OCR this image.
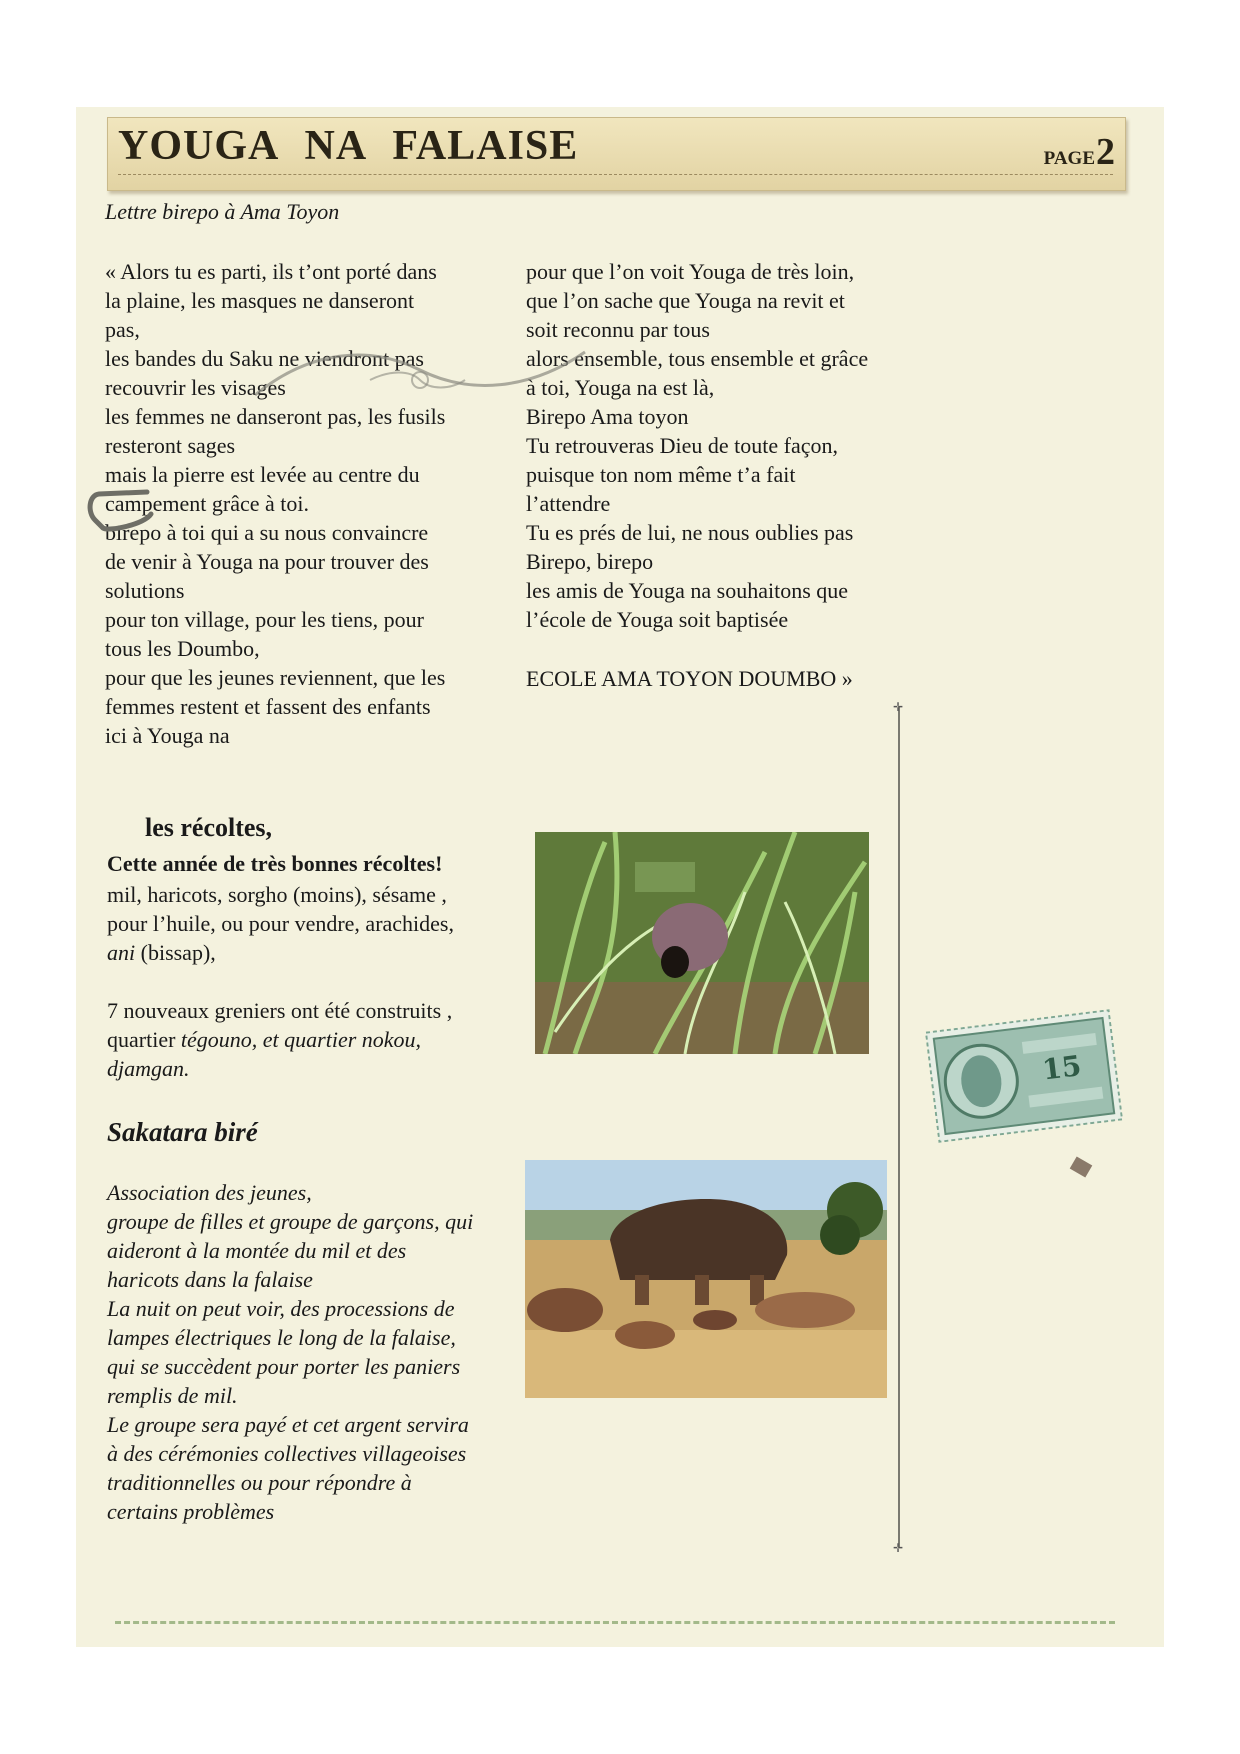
YOUGA NA FALAISE	PAGE2

Lettre birepo à Ama Toyon

« Alors tu es parti, ils t’ont porté dans
la plaine, les masques ne danseront
pas,
les bandes du Saku ne viendront pas
recouvrir les visages
les femmes ne danseront pas, les fusils
resteront sages
mais la pierre est levée au centre du
campement grâce à toi.
birepo à toi qui a su nous convaincre
de venir à Youga na pour trouver des
solutions
pour ton village, pour les tiens, pour
tous les Doumbo,
pour que les jeunes reviennent, que les
femmes restent et fassent des enfants
ici à Youga na
pour que l’on voit Youga de très loin,
que l’on sache que Youga na revit et
soit reconnu par tous
alors ensemble, tous ensemble et grâce
à toi, Youga na est là,
Birepo Ama toyon
Tu retrouveras Dieu de toute façon,
puisque ton nom même t’a fait
l’attendre
Tu es prés de lui, ne nous oublies pas
Birepo, birepo
les amis de Youga na souhaitons que
l’école de Youga soit baptisée
ECOLE AMA TOYON DOUMBO »
les récoltes,

Cette année de très bonnes récoltes!

mil, haricots, sorgho (moins), sésame ,
pour l’huile, ou pour vendre, arachides,
ani (bissap),
7 nouveaux greniers ont été construits ,
quartier tégouno, et quartier nokou,
djamgan.
Sakatara biré
Association des jeunes,
groupe de filles et groupe de garçons, qui
aideront à la montée du mil et des
haricots dans la falaise
La nuit on peut voir, des processions de
lampes électriques le long de la falaise,
qui se succèdent pour porter les paniers
remplis de mil.
Le groupe sera payé et cet argent servira
à des cérémonies collectives villageoises
traditionnelles ou pour répondre à
certains problèmes
15
